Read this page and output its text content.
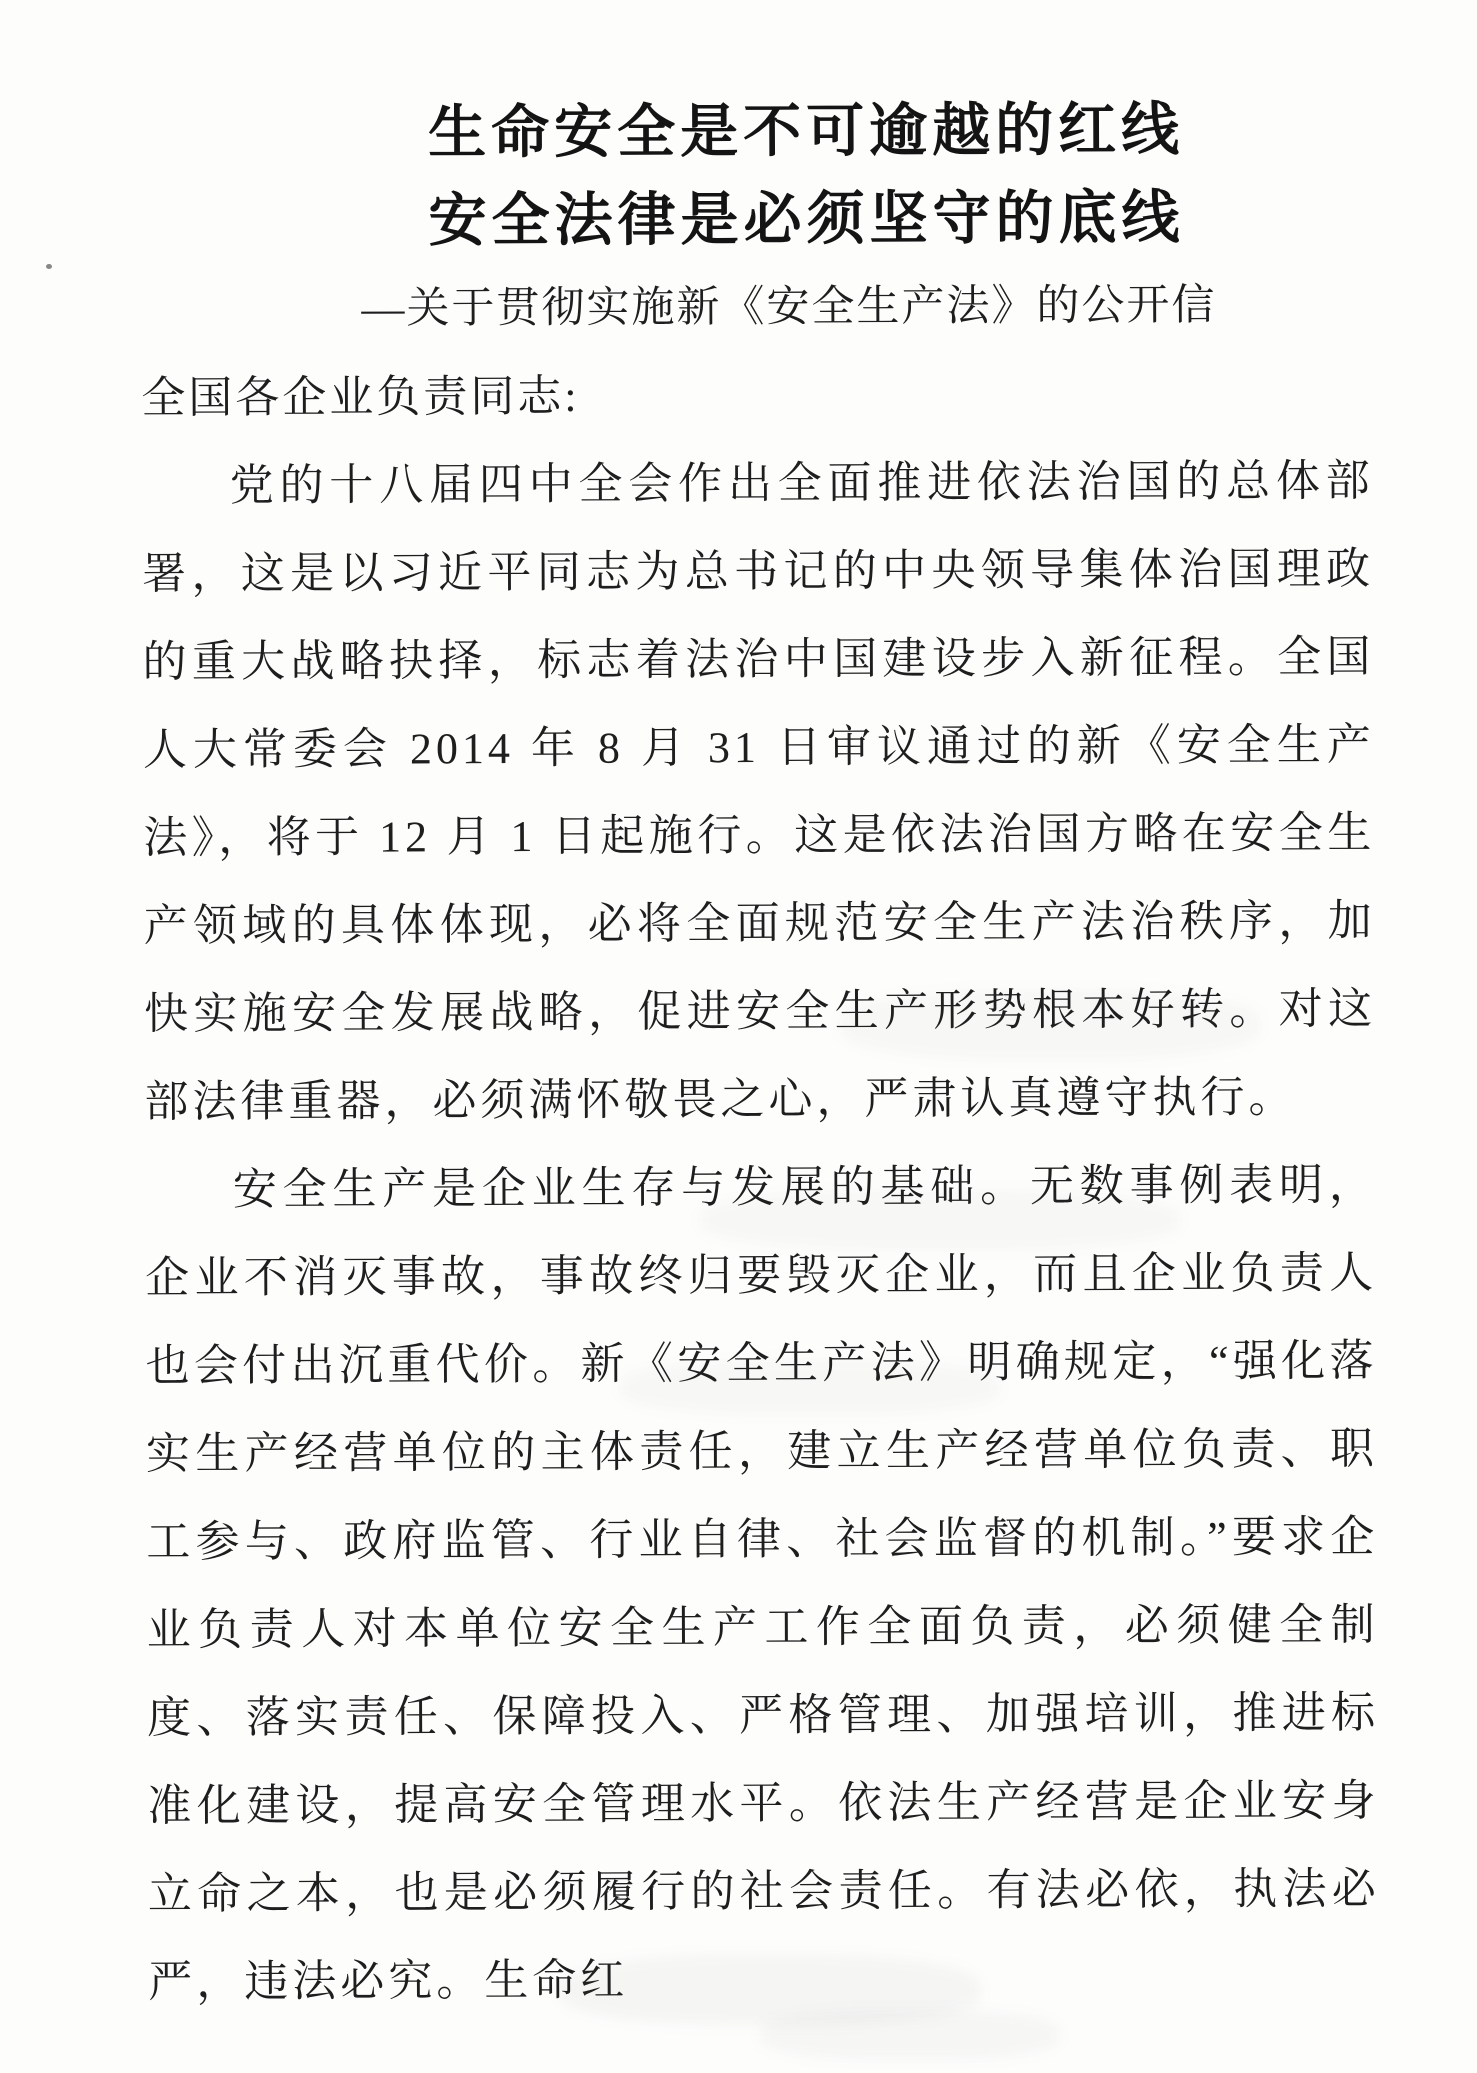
生命安全是不可逾越的红线
安全法律是必须坚守的底线
—关于贯彻实施新《安全生产法》的公开信
全国各企业负责同志:

党的十八届四中全会作出全面推进依法治国的总体部署，这是以习近平同志为总书记的中央领导集体治国理政的重大战略抉择，标志着法治中国建设步入新征程。全国人大常委会 2014 年 8 月 31 日审议通过的新《安全生产法》，将于 12 月 1 日起施行。这是依法治国方略在安全生产领域的具体体现，必将全面规范安全生产法治秩序，加快实施安全发展战略，促进安全生产形势根本好转。对这部法律重器，必须满怀敬畏之心，严肃认真遵守执行。

安全生产是企业生存与发展的基础。无数事例表明，企业不消灭事故，事故终归要毁灭企业，而且企业负责人也会付出沉重代价。新《安全生产法》明确规定，“强化落实生产经营单位的主体责任，建立生产经营单位负责、职工参与、政府监管、行业自律、社会监督的机制。”要求企业负责人对本单位安全生产工作全面负责，必须健全制度、落实责任、保障投入、严格管理、加强培训，推进标准化建设，提高安全管理水平。依法生产经营是企业安身立命之本，也是必须履行的社会责任。有法必依，执法必严，违法必究。生命红
